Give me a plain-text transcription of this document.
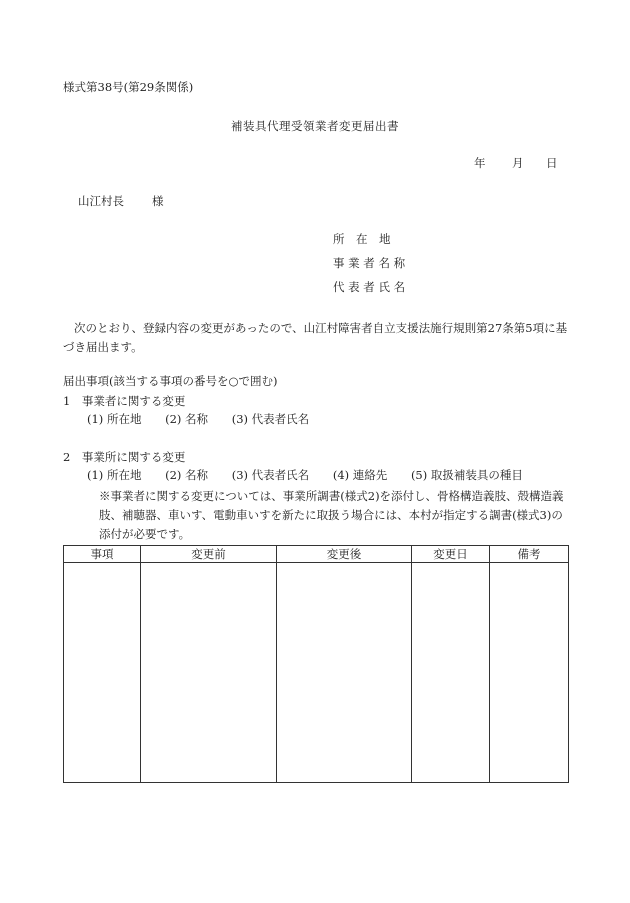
様式第38号(第29条関係)
補装具代理受領業者変更届出書
年	月	日
山江村長 様
所　在　地
事 業 者 名 称
代 表 者 氏 名
次のとおり、登録内容の変更があったので、山江村障害者自立支援法施行規則第27条第5項に基づき届出ます。
届出事項(該当する事項の番号を○で囲む)
1　事業者に関する変更
(1) 所在地 (2) 名称 (3) 代表者氏名
2　事業所に関する変更
(1) 所在地 (2) 名称 (3) 代表者氏名 (4) 連絡先 (5) 取扱補装具の種目
※事業者に関する変更については、事業所調書(様式2)を添付し、骨格構造義肢、殻構造義肢、補聴器、車いす、電動車いすを新たに取扱う場合には、本村が指定する調書(様式3)の添付が必要です。
事項	変更前	変更後	変更日	備考
